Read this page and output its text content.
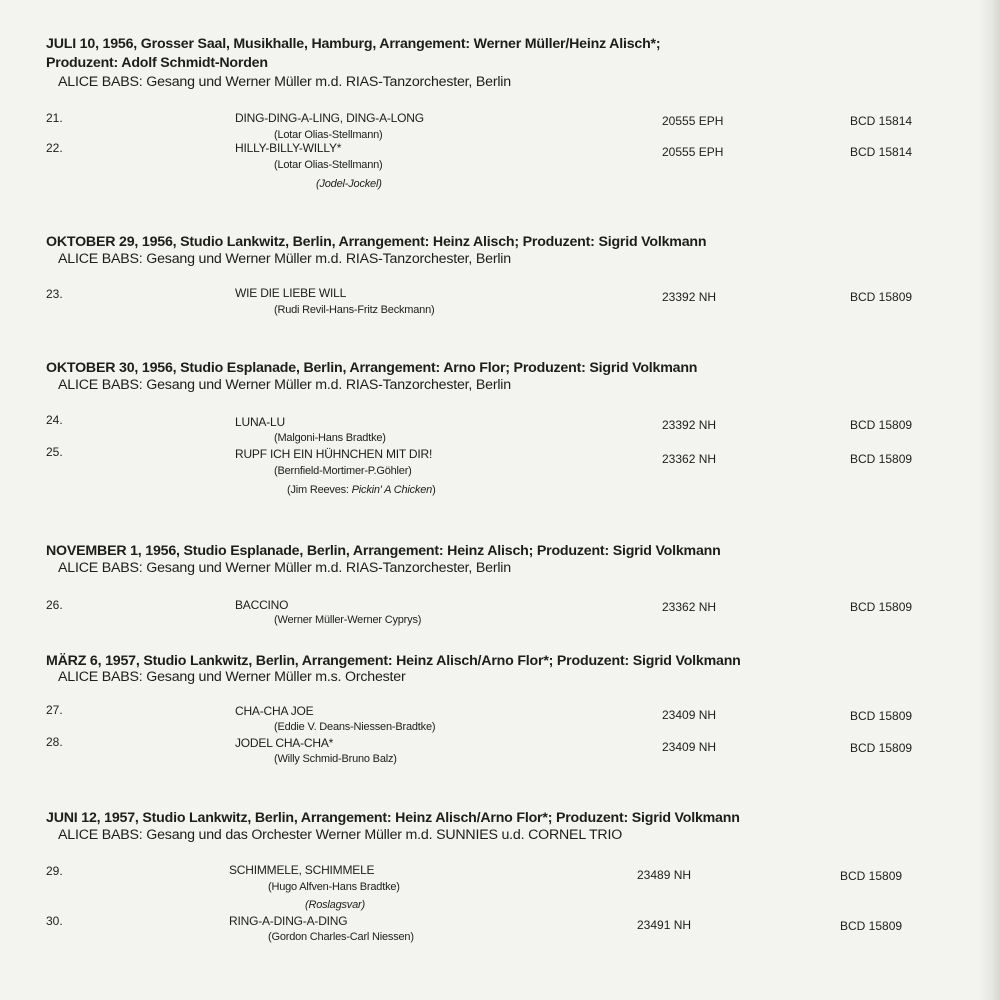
JULI 10, 1956, Grosser Saal, Musikhalle, Hamburg, Arrangement: Werner Müller/Heinz Alisch*;
Produzent: Adolf Schmidt-Norden
ALICE BABS: Gesang und Werner Müller m.d. RIAS-Tanzorchester, Berlin
21.	DING-DING-A-LING, DING-A-LONG
(Lotar Olias-Stellmann)
20555 EPH	BCD 15814
22.	HILLY-BILLY-WILLY*
(Lotar Olias-Stellmann)
(Jodel-Jockel)
20555 EPH	BCD 15814
OKTOBER 29, 1956, Studio Lankwitz, Berlin, Arrangement: Heinz Alisch; Produzent: Sigrid Volkmann
ALICE BABS: Gesang und Werner Müller m.d. RIAS-Tanzorchester, Berlin
23.	WIE DIE LIEBE WILL
(Rudi Revil-Hans-Fritz Beckmann)
23392 NH	BCD 15809
OKTOBER 30, 1956, Studio Esplanade, Berlin, Arrangement: Arno Flor; Produzent: Sigrid Volkmann
ALICE BABS: Gesang und Werner Müller m.d. RIAS-Tanzorchester, Berlin
24.	LUNA-LU
(Malgoni-Hans Bradtke)
23392 NH	BCD 15809
25.	RUPF ICH EIN HÜHNCHEN MIT DIR!
(Bernfield-Mortimer-P.Göhler)
(Jim Reeves: Pickin' A Chicken)
23362 NH	BCD 15809
NOVEMBER 1, 1956, Studio Esplanade, Berlin, Arrangement: Heinz Alisch; Produzent: Sigrid Volkmann
ALICE BABS: Gesang und Werner Müller m.d. RIAS-Tanzorchester, Berlin
26.	BACCINO
(Werner Müller-Werner Cyprys)
23362 NH	BCD 15809
MÄRZ 6, 1957, Studio Lankwitz, Berlin, Arrangement: Heinz Alisch/Arno Flor*; Produzent: Sigrid Volkmann
ALICE BABS: Gesang und Werner Müller m.s. Orchester
27.	CHA-CHA JOE
(Eddie V. Deans-Niessen-Bradtke)
23409 NH	BCD 15809
28.	JODEL CHA-CHA*
(Willy Schmid-Bruno Balz)
23409 NH	BCD 15809
JUNI 12, 1957, Studio Lankwitz, Berlin, Arrangement: Heinz Alisch/Arno Flor*; Produzent: Sigrid Volkmann
ALICE BABS: Gesang und das Orchester Werner Müller m.d. SUNNIES u.d. CORNEL TRIO
29.	SCHIMMELE, SCHIMMELE
(Hugo Alfven-Hans Bradtke)
(Roslagsvar)
23489 NH	BCD 15809
30.	RING-A-DING-A-DING
(Gordon Charles-Carl Niessen)
23491 NH	BCD 15809
